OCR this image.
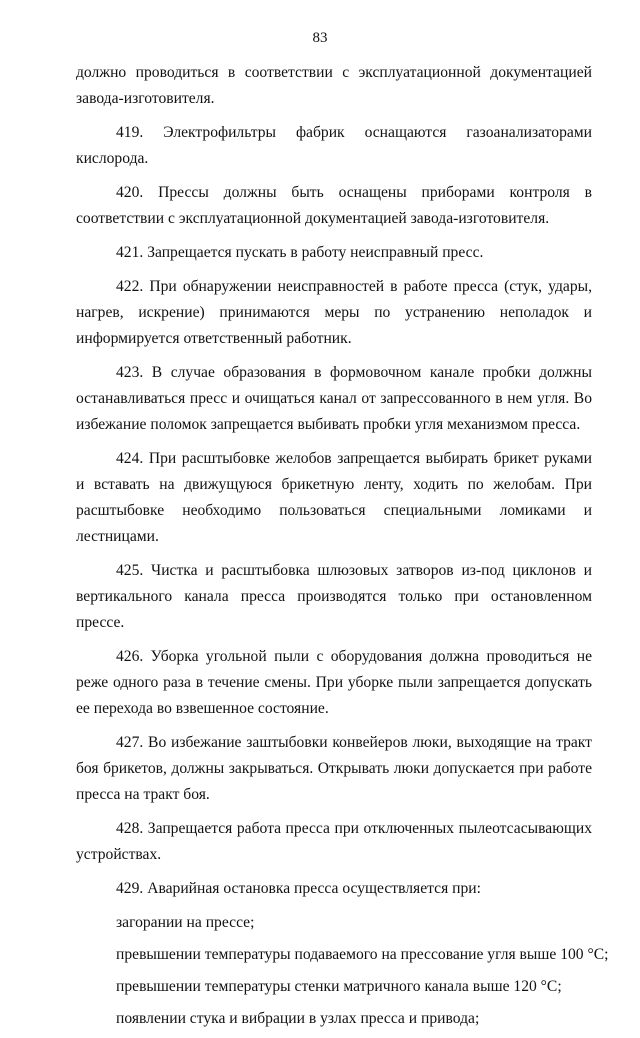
83

должно проводиться в соответствии с эксплуатационной документацией завода-изготовителя.

419. Электрофильтры фабрик оснащаются газоанализаторами кислорода.

420. Прессы должны быть оснащены приборами контроля в соответствии с эксплуатационной документацией завода-изготовителя.

421. Запрещается пускать в работу неисправный пресс.

422. При обнаружении неисправностей в работе пресса (стук, удары, нагрев, искрение) принимаются меры по устранению неполадок и информируется ответственный работник.

423. В случае образования в формовочном канале пробки должны останавливаться пресс и очищаться канал от запрессованного в нем угля. Во избежание поломок запрещается выбивать пробки угля механизмом пресса.

424. При расштыбовке желобов запрещается выбирать брикет руками и вставать на движущуюся брикетную ленту, ходить по желобам. При расштыбовке необходимо пользоваться специальными ломиками и лестницами.

425. Чистка и расштыбовка шлюзовых затворов из-под циклонов и вертикального канала пресса производятся только при остановленном прессе.

426. Уборка угольной пыли с оборудования должна проводиться не реже одного раза в течение смены. При уборке пыли запрещается допускать ее перехода во взвешенное состояние.

427. Во избежание заштыбовки конвейеров люки, выходящие на тракт боя брикетов, должны закрываться. Открывать люки допускается при работе пресса на тракт боя.

428. Запрещается работа пресса при отключенных пылеотсасывающих устройствах.

429. Аварийная остановка пресса осуществляется при:

загорании на прессе;
превышении температуры подаваемого на прессование угля выше 100 °С;
превышении температуры стенки матричного канала выше 120 °С;
появлении стука и вибрации в узлах пресса и привода;
